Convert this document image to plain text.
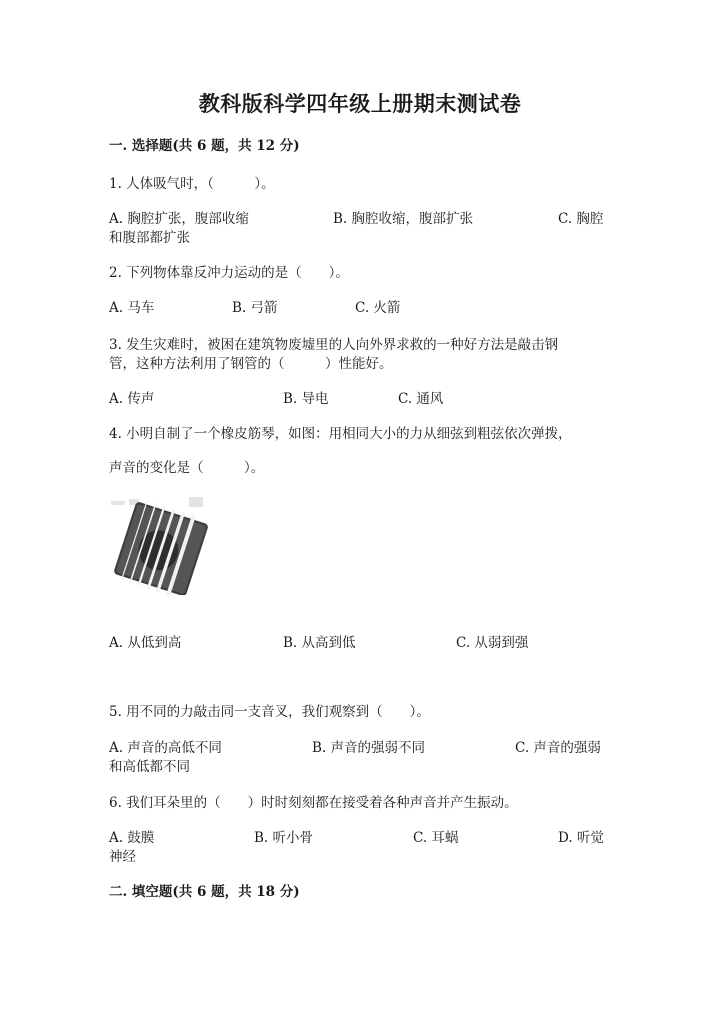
教科版科学四年级上册期末测试卷
一. 选择题(共 6 题，共 12 分)
1. 人体吸气时，（　　　）。
A. 胸腔扩张，腹部收缩	B. 胸腔收缩，腹部扩张	C. 胸腔
和腹部都扩张
2. 下列物体靠反冲力运动的是（　　）。
A. 马车	B. 弓箭	C. 火箭
3. 发生灾难时，被困在建筑物废墟里的人向外界求救的一种好方法是敲击钢
管，这种方法利用了钢管的（　　　）性能好。
A. 传声	B. 导电	C. 通风
4. 小明自制了一个橡皮筋琴，如图：用相同大小的力从细弦到粗弦依次弹拨，
声音的变化是（　　　）。
A. 从低到高	B. 从高到低	C. 从弱到强
5. 用不同的力敲击同一支音叉，我们观察到（　　）。
A. 声音的高低不同	B. 声音的强弱不同	C. 声音的强弱
和高低都不同
6. 我们耳朵里的（　　）时时刻刻都在接受着各种声音并产生振动。
A. 鼓膜	B. 听小骨	C. 耳蜗	D. 听觉
神经
二. 填空题(共 6 题，共 18 分)
